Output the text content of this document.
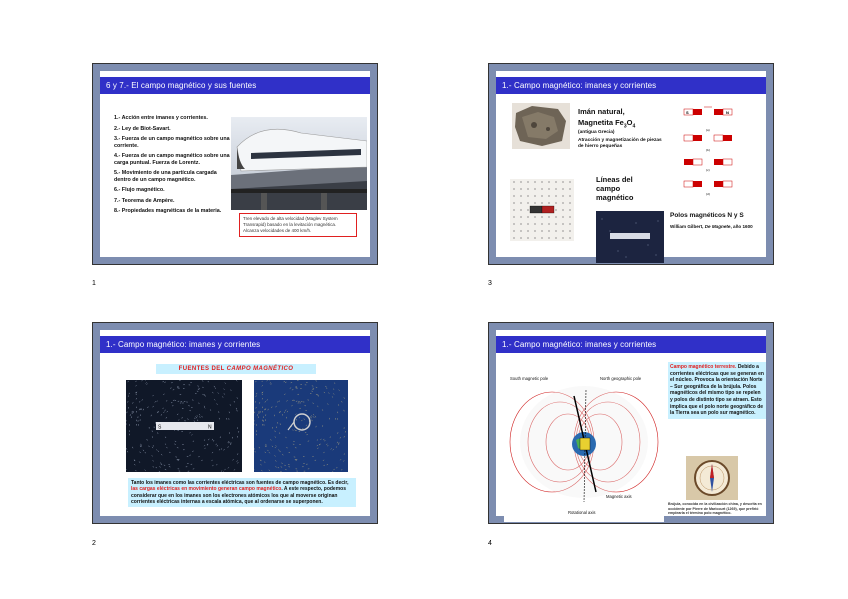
6 y 7.- El campo magnético y sus fuentes
1.- Acción entre imanes y corrientes.
2.- Ley de Biot-Savart.
3.- Fuerza de un campo magnético sobre una corriente.
4.- Fuerza de un campo magnético sobre una carga puntual. Fuerza de Lorentz.
5.- Movimiento de una partícula cargada dentro de un campo magnético.
6.- Flujo magnético.
7.- Teorema de Ampère.
8.- Propiedades magnéticas de la materia.
Tren elevado de alta velocidad (Maglev System Transrapid) basado en la levitación magnética. Alcanza velocidades de 400 km/h.
1
1.- Campo magnético: imanes y corrientes
Imán natural,
Magnetita $Fe_3O_4$
(antigua Grecia)
Atracción y magnetización de piezas de hierro pequeñas
Líneas del
campo
magnético
S	N
(a)
(b)
(c)
(d)
Polos magnéticos N y S
William Gilbert, De Magnete, año 1600
3
1.- Campo magnético: imanes y corrientes
FUENTES DEL CAMPO MAGNÉTICO
S	N
Tanto los imanes como las corrientes eléctricas son fuentes de campo magnético. Es decir, las cargas eléctricas en movimiento generan campo magnético. A este respecto, podemos considerar que en los imanes son los electrones atómicos los que al moverse originan corrientes eléctricas internas a escala atómica, que al ordenarse se superponen.
2
1.- Campo magnético: imanes y corrientes
South magnetic pole	North geographic pole
Magnetic axis
Rotational axis
Campo magnético terrestre. Debido a corrientes eléctricas que se generan en el núcleo. Provoca la orientación Norte – Sur geográfica de la brújula. Polos magnéticos del mismo tipo se repelen y polos de distinto tipo se atraen. Esto implica que el polo norte geográfico de la Tierra sea un polo sur magnético.
Brújula, conocida en la civilización china, y descrita en occidente por Pierre de Maricourt (1269), que prefirió emplearla el término polo magnético.
4
